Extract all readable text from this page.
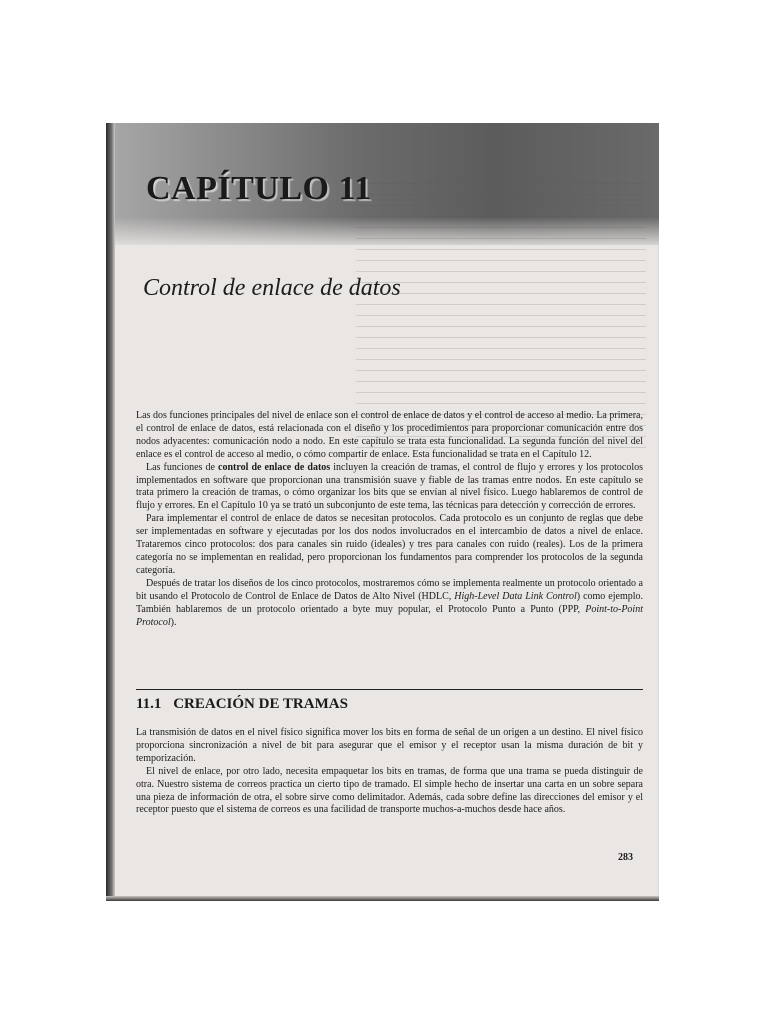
CAPÍTULO 11
Control de enlace de datos

Las dos funciones principales del nivel de enlace son el control de enlace de datos y el control de acceso al medio. La primera, el control de enlace de datos, está relacionada con el diseño y los procedimientos para proporcionar comunicación entre dos nodos adyacentes: comunicación nodo a nodo. En este capítulo se trata esta funcionalidad. La segunda función del nivel del enlace es el control de acceso al medio, o cómo compartir de enlace. Esta funcionalidad se trata en el Capítulo 12.

Las funciones de control de enlace de datos incluyen la creación de tramas, el control de flujo y errores y los protocolos implementados en software que proporcionan una transmisión suave y fiable de las tramas entre nodos. En este capítulo se trata primero la creación de tramas, o cómo organizar los bits que se envían al nivel físico. Luego hablaremos de control de flujo y errores. En el Capítulo 10 ya se trató un subconjunto de este tema, las técnicas para detección y corrección de errores.

Para implementar el control de enlace de datos se necesitan protocolos. Cada protocolo es un conjunto de reglas que debe ser implementadas en software y ejecutadas por los dos nodos involucrados en el intercambio de datos a nivel de enlace. Trataremos cinco protocolos: dos para canales sin ruido (ideales) y tres para canales con ruido (reales). Los de la primera categoría no se implementan en realidad, pero proporcionan los fundamentos para comprender los protocolos de la segunda categoría.

Después de tratar los diseños de los cinco protocolos, mostraremos cómo se implementa realmente un protocolo orientado a bit usando el Protocolo de Control de Enlace de Datos de Alto Nivel (HDLC, High-Level Data Link Control) como ejemplo. También hablaremos de un protocolo orientado a byte muy popular, el Protocolo Punto a Punto (PPP, Point-to-Point Protocol).

11.1 CREACIÓN DE TRAMAS

La transmisión de datos en el nivel físico significa mover los bits en forma de señal de un origen a un destino. El nivel físico proporciona sincronización a nivel de bit para asegurar que el emisor y el receptor usan la misma duración de bit y temporización.

El nivel de enlace, por otro lado, necesita empaquetar los bits en tramas, de forma que una trama se pueda distinguir de otra. Nuestro sistema de correos practica un cierto tipo de tramado. El simple hecho de insertar una carta en un sobre separa una pieza de información de otra, el sobre sirve como delimitador. Además, cada sobre define las direcciones del emisor y el receptor puesto que el sistema de correos es una facilidad de transporte muchos-a-muchos desde hace años.

283
